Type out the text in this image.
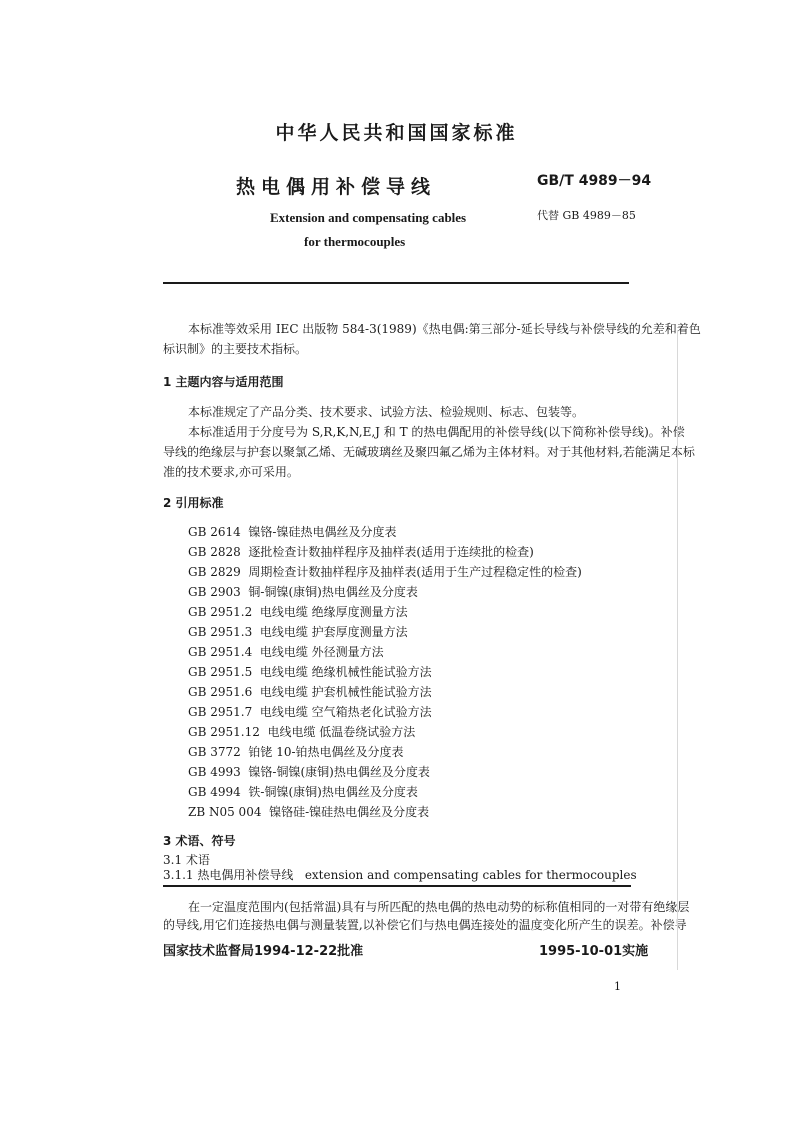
中华人民共和国国家标准
热电偶用补偿导线	GB/T 4989－94
Extension and compensating cables	代替 GB 4989－85
for thermocouples
本标准等效采用 IEC 出版物 584-3(1989)《热电偶:第三部分-延长导线与补偿导线的允差和着色
标识制》的主要技术指标。
1 主题内容与适用范围
本标准规定了产品分类、技术要求、试验方法、检验规则、标志、包装等。
本标准适用于分度号为 S,R,K,N,E,J 和 T 的热电偶配用的补偿导线(以下简称补偿导线)。补偿
导线的绝缘层与护套以聚氯乙烯、无碱玻璃丝及聚四氟乙烯为主体材料。对于其他材料,若能满足本标
准的技术要求,亦可采用。
2 引用标准
GB 2614 镍铬-镍硅热电偶丝及分度表
GB 2828 逐批检查计数抽样程序及抽样表(适用于连续批的检查)
GB 2829 周期检查计数抽样程序及抽样表(适用于生产过程稳定性的检查)
GB 2903 铜-铜镍(康铜)热电偶丝及分度表
GB 2951.2 电线电缆 绝缘厚度测量方法
GB 2951.3 电线电缆 护套厚度测量方法
GB 2951.4 电线电缆 外径测量方法
GB 2951.5 电线电缆 绝缘机械性能试验方法
GB 2951.6 电线电缆 护套机械性能试验方法
GB 2951.7 电线电缆 空气箱热老化试验方法
GB 2951.12 电线电缆 低温卷绕试验方法
GB 3772 铂铑 10-铂热电偶丝及分度表
GB 4993 镍铬-铜镍(康铜)热电偶丝及分度表
GB 4994 铁-铜镍(康铜)热电偶丝及分度表
ZB N05 004 镍铬硅-镍硅热电偶丝及分度表
3 术语、符号
3.1 术语
3.1.1 热电偶用补偿导线 extension and compensating cables for thermocouples
在一定温度范围内(包括常温)具有与所匹配的热电偶的热电动势的标称值相同的一对带有绝缘层
的导线,用它们连接热电偶与测量装置,以补偿它们与热电偶连接处的温度变化所产生的误差。补偿导
国家技术监督局1994-12-22批准	1995-10-01实施
1
